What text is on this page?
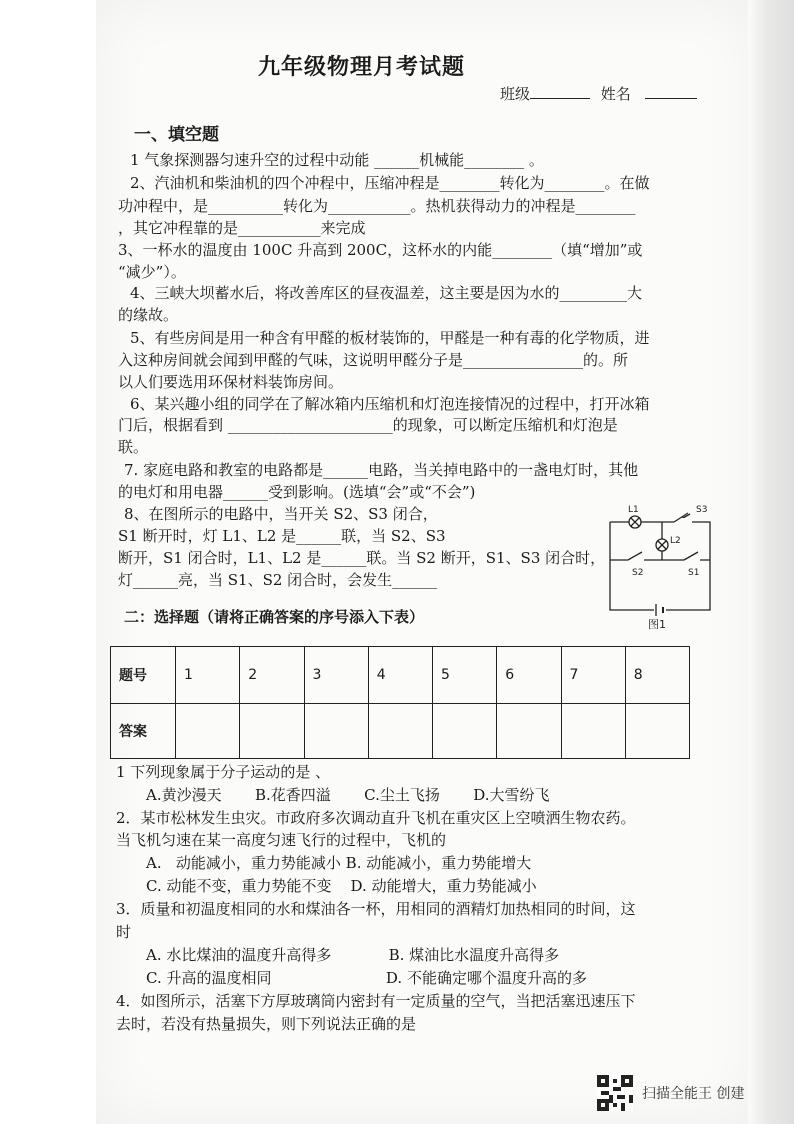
九年级物理月考试题
班级	姓名
一、填空题
1 气象探测器匀速升空的过程中动能 ______机械能________ 。
2、汽油机和柴油机的四个冲程中，压缩冲程是________转化为________。在做
功冲程中，是__________转化为___________。热机获得动力的冲程是________
，其它冲程靠的是___________来完成
3、一杯水的温度由 100C 升高到 200C，这杯水的内能________（填“增加”或
“减少”）。
4、三峡大坝蓄水后，将改善库区的昼夜温差，这主要是因为水的_________大
的缘故。
5、有些房间是用一种含有甲醛的板材装饰的，甲醛是一种有毒的化学物质，进
入这种房间就会闻到甲醛的气味，这说明甲醛分子是________________的。所
以人们要选用环保材料装饰房间。
6、某兴趣小组的同学在了解冰箱内压缩机和灯泡连接情况的过程中，打开冰箱
门后，根据看到 ______________________的现象，可以断定压缩机和灯泡是
联。
7. 家庭电路和教室的电路都是______电路，当关掉电路中的一盏电灯时，其他
的电灯和用电器______受到影响。(选填“会”或“不会”)
8、在图所示的电路中，当开关 S2、S3 闭合，
S1 断开时，灯 L1、L2 是______联，当 S2、S3
断开，S1 闭合时，L1、L2 是______联。当 S2 断开，S1、S3 闭合时，
灯______亮，当 S1、S2 闭合时，会发生______
L1	S3
L2
S2	S1
图1
二：选择题（请将正确答案的序号添入下表）
题号	1	2	3	4	5	6	7	8
答案								
1 下列现象属于分子运动的是 、
A.黄沙漫天       B.花香四溢       C.尘土飞扬       D.大雪纷飞
2．某市松林发生虫灾。市政府多次调动直升飞机在重灾区上空喷洒生物农药。
当飞机匀速在某一高度匀速飞行的过程中，飞机的
A.   动能减小，重力势能减小 B. 动能减小，重力势能增大
C. 动能不变，重力势能不变    D. 动能增大，重力势能减小
3．质量和初温度相同的水和煤油各一杯，用相同的酒精灯加热相同的时间，这
时
A. 水比煤油的温度升高得多            B. 煤油比水温度升高得多
C. 升高的温度相同                        D. 不能确定哪个温度升高的多
4．如图所示，活塞下方厚玻璃筒内密封有一定质量的空气，当把活塞迅速压下
去时，若没有热量损失，则下列说法正确的是
扫描全能王 创建
